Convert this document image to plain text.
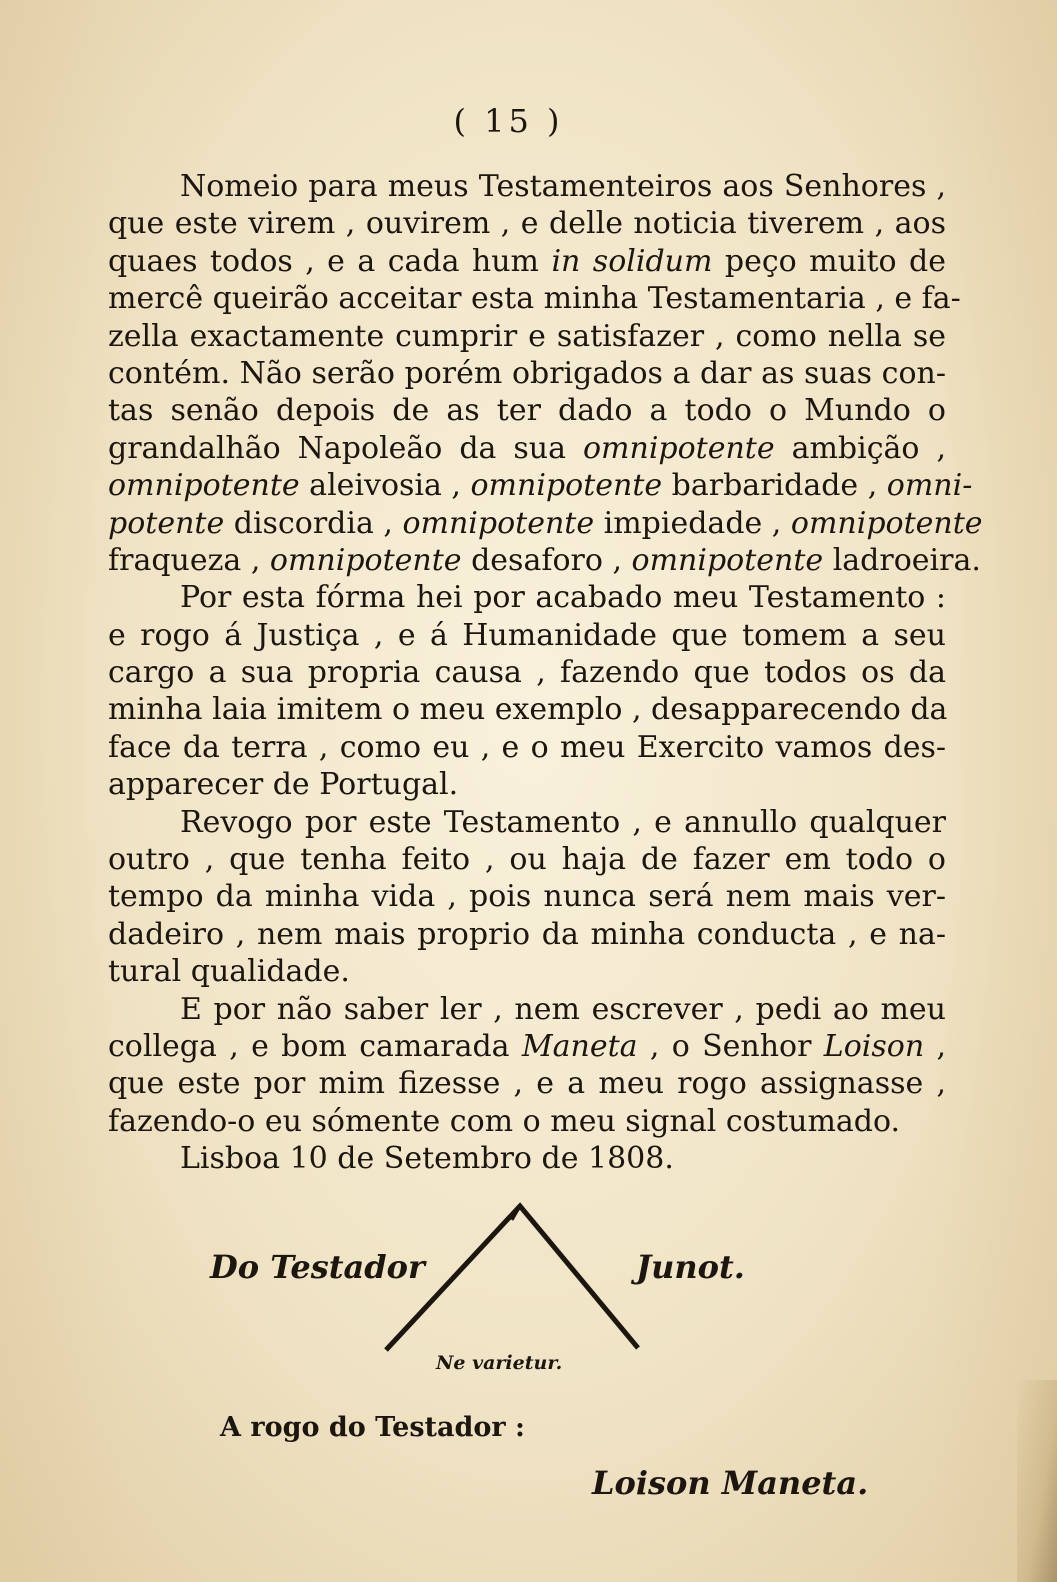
( 15 )
Nomeio para meus Testamenteiros aos Senhores ,
que este virem , ouvirem , e delle noticia tiverem , aos
quaes todos , e a cada hum in solidum peço muito de
mercê queirão acceitar esta minha Testamentaria , e fa-
zella exactamente cumprir e satisfazer , como nella se
contém. Não serão porém obrigados a dar as suas con-
tas senão depois de as ter dado a todo o Mundo o
grandalhão Napoleão da sua omnipotente ambição ,
omnipotente aleivosia , omnipotente barbaridade , omni-
potente discordia , omnipotente impiedade , omnipotente
fraqueza , omnipotente desaforo , omnipotente ladroeira.
Por esta fórma hei por acabado meu Testamento :
e rogo á Justiça , e á Humanidade que tomem a seu
cargo a sua propria causa , fazendo que todos os da
minha laia imitem o meu exemplo , desapparecendo da
face da terra , como eu , e o meu Exercito vamos des-
apparecer de Portugal.
Revogo por este Testamento , e annullo qualquer
outro , que tenha feito , ou haja de fazer em todo o
tempo da minha vida , pois nunca será nem mais ver-
dadeiro , nem mais proprio da minha conducta , e na-
tural qualidade.
E por não saber ler , nem escrever , pedi ao meu
collega , e bom camarada Maneta , o Senhor Loison ,
que este por mim fizesse , e a meu rogo assignasse ,
fazendo-o eu sómente com o meu signal costumado.
Lisboa 10 de Setembro de 1808.
Do Testador	Junot.
Ne varietur.
A rogo do Testador :
Loison Maneta.
